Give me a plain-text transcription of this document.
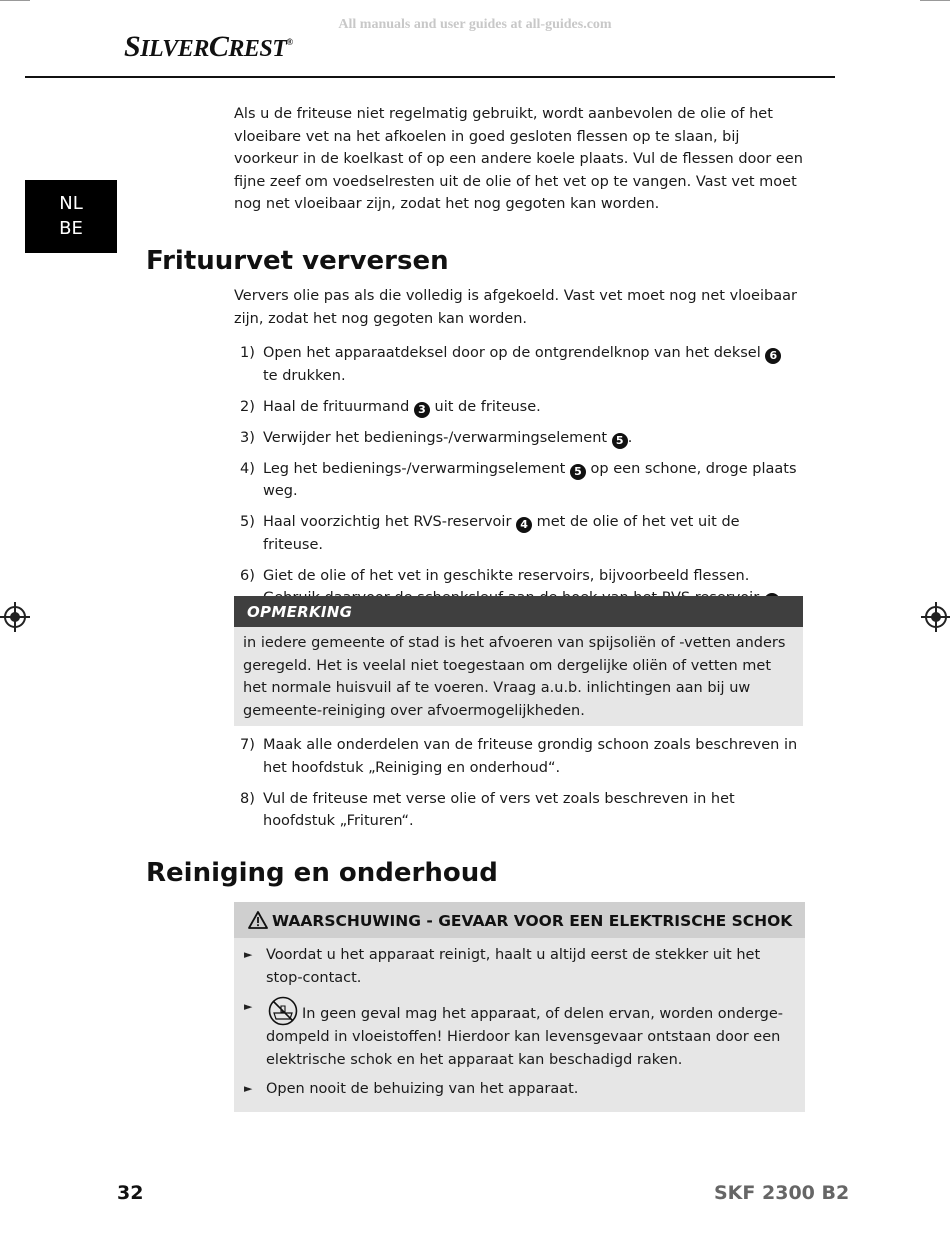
All manuals and user guides at all-guides.com
SILVERCREST®
NL
BE

Als u de friteuse niet regelmatig gebruikt, wordt aanbevolen de olie of het vloeibare vet na het afkoelen in goed gesloten flessen op te slaan, bij voorkeur in de koelkast of op een andere koele plaats. Vul de flessen door een fijne zeef om voedselresten uit de olie of het vet op te vangen. Vast vet moet nog net vloeibaar zijn, zodat het nog gegoten kan worden.

Frituurvet verversen

Ververs olie pas als die volledig is afgekoeld. Vast vet moet nog net vloeibaar zijn, zodat het nog gegoten kan worden.

1) Open het apparaatdeksel door op de ontgrendelknop van het deksel 6 te drukken.
2) Haal de frituurmand 3 uit de friteuse.
3) Verwijder het bedienings-/verwarmingselement 5 .
4) Leg het bedienings-/verwarmingselement 5 op een schone, droge plaats weg.
5) Haal voorzichtig het RVS-reservoir 4 met de olie of het vet uit de friteuse.
6) Giet de olie of het vet in geschikte reservoirs, bijvoorbeeld flessen.
OPMERKING
in iedere gemeente of stad is het afvoeren van spijsoliën of -vetten anders geregeld. Het is veelal niet toegestaan om dergelijke oliën of vetten met het normale huisvuil af te voeren. Vraag a.u.b. inlichtingen aan bij uw gemeente-reiniging over afvoermogelijkheden.
7) Maak alle onderdelen van de friteuse grondig schoon zoals beschreven in het hoofdstuk „Reiniging en onderhoud“.
8) Vul de friteuse met verse olie of vers vet zoals beschreven in het hoofdstuk „Frituren“.
Reiniging en onderhoud
WAARSCHUWING - GEVAAR VOOR EEN ELEKTRISCHE SCHOK
► Voordat u het apparaat reinigt, haalt u altijd eerst de stekker uit het stop-contact.
►	In geen geval mag het apparaat, of delen ervan, worden onderge-dompeld in vloeistoffen! Hierdoor kan levensgevaar ontstaan door een elektrische schok en het apparaat kan beschadigd raken.
► Open nooit de behuizing van het apparaat.
32	SKF 2300 B2
